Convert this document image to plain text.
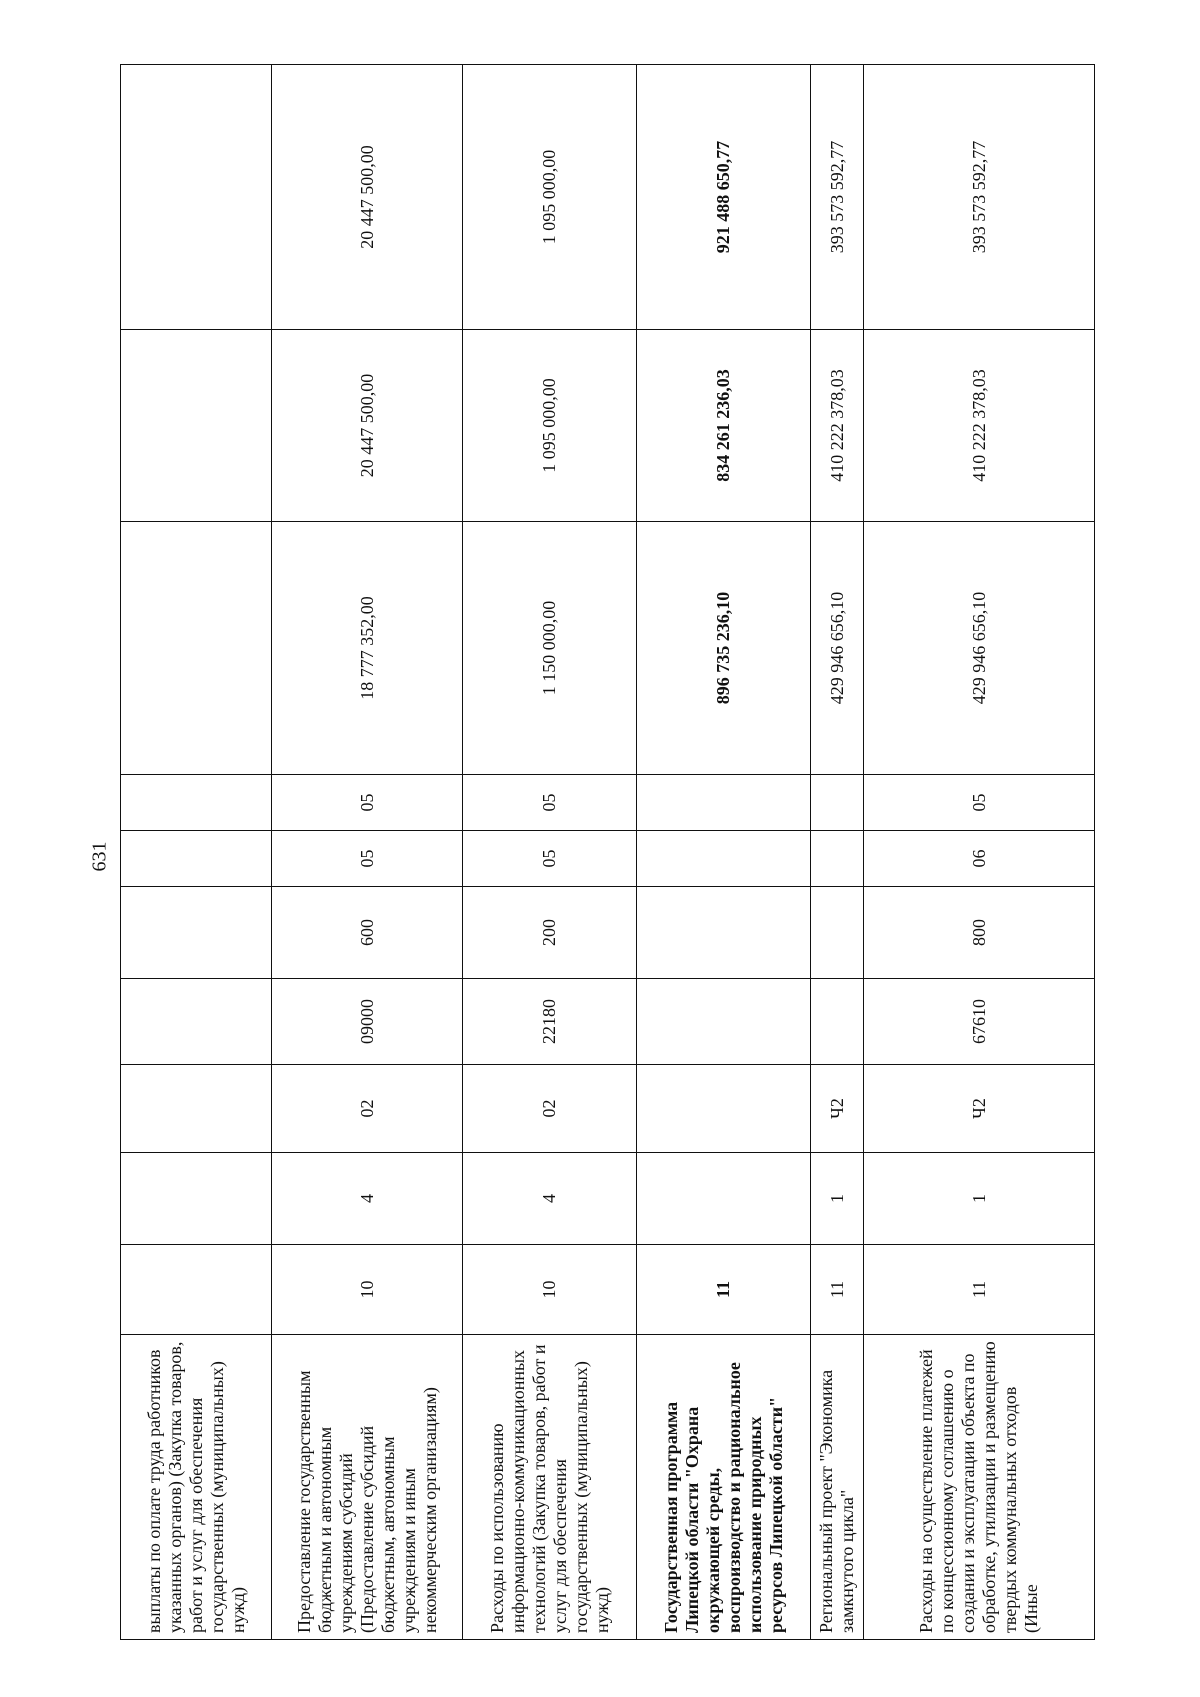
631
выплаты по оплате труда работников указанных органов) (Закупка товаров, работ и услуг для обеспечения государственных (муниципальных) нужд)										
Предоставление государственным бюджетным и автономным учреждениям субсидий (Предоставление субсидий бюджетным, автономным учреждениям и иным некоммерческим организациям)	10	4	02	09000	600	05	05	18 777 352,00	20 447 500,00	20 447 500,00
Расходы по использованию информационно-коммуникационных технологий (Закупка товаров, работ и услуг для обеспечения государственных (муниципальных) нужд)	10	4	02	22180	200	05	05	1 150 000,00	1 095 000,00	1 095 000,00
Государственная программа Липецкой области "Охрана окружающей среды, воспроизводство и рациональное использование природных ресурсов Липецкой области"	11							896 735 236,10	834 261 236,03	921 488 650,77
Региональный проект "Экономика замкнутого цикла"	11	1	Ч2					429 946 656,10	410 222 378,03	393 573 592,77
Расходы на осуществление платежей по концессионному соглашению о создании и эксплуатации объекта по обработке, утилизации и размещению твердых коммунальных отходов (Иные	11	1	Ч2	67610	800	06	05	429 946 656,10	410 222 378,03	393 573 592,77
